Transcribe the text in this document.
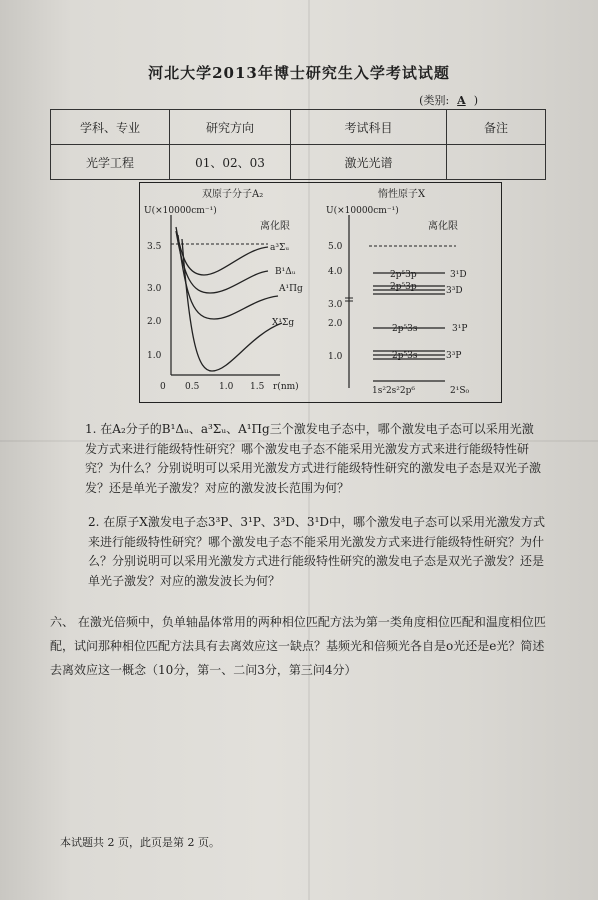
河北大学2013年博士研究生入学考试试题
(类别: A )
学科、专业	研究方向	考试科目	备注
光学工程	01、02、03	激光光谱	
双原子分子A₂
U(×10000cm⁻¹)
离化限
3.5
3.0
2.0
1.0
0 0.5 1.0 1.5 r(nm)
a³Σᵤ
B¹Δᵤ
A¹Πg
X¹Σg
惰性原子X
U(×10000cm⁻¹)
离化限
5.0
4.0
3.0
2.0
1.0
2p⁵3p
2p⁵3p
2p⁵3s
2p⁵3s
1s²2s²2p⁶
3¹D
3³D
3¹P
3³P
2¹S₀
1. 在A₂分子的B¹Δᵤ、a³Σᵤ、A¹Πg三个激发电子态中，哪个激发电子态可以采用光激发方式来进行能级特性研究？哪个激发电子态不能采用光激发方式来进行能级特性研究？为什么？分别说明可以采用光激发方式进行能级特性研究的激发电子态是双光子激发？还是单光子激发？对应的激发波长范围为何？
2. 在原子X激发电子态3³P、3¹P、3³D、3¹D中，哪个激发电子态可以采用光激发方式来进行能级特性研究？哪个激发电子态不能采用光激发方式来进行能级特性研究？为什么？分别说明可以采用光激发方式进行能级特性研究的激发电子态是双光子激发？还是单光子激发？对应的激发波长为何？
六、 在激光倍频中，负单轴晶体常用的两种相位匹配方法为第一类角度相位匹配和温度相位匹配，试问那种相位匹配方法具有去离效应这一缺点？基频光和倍频光各自是o光还是e光？简述去离效应这一概念（10分，第一、二问3分，第三问4分）
本试题共 2 页，此页是第 2 页。
